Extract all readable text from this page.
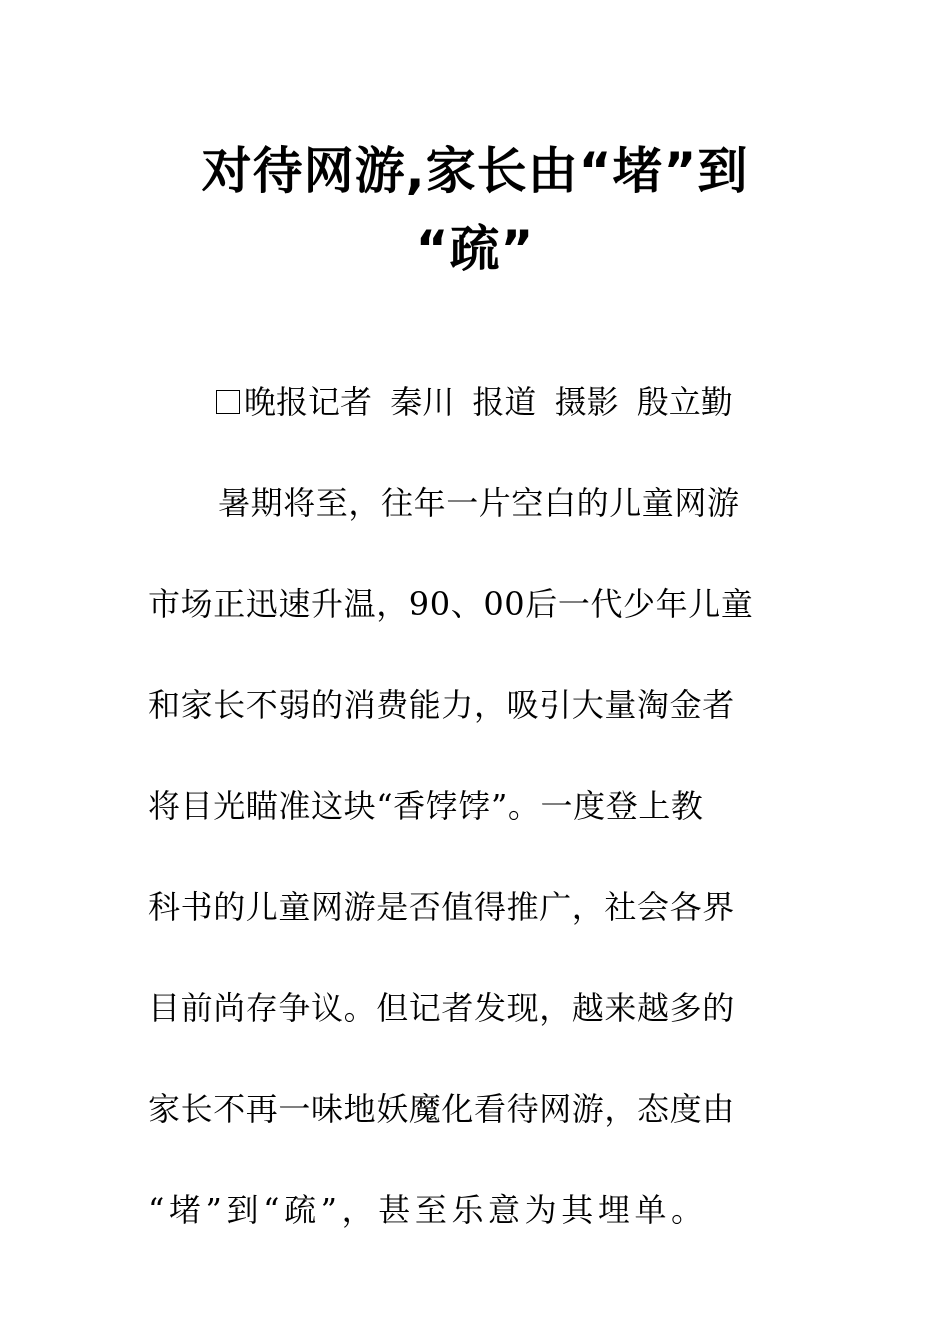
对待网游,家长由“堵”到
“疏”

晚报记者 秦川 报道 摄影 殷立勤

暑期将至，往年一片空白的儿童网游
市场正迅速升温，90、00后一代少年儿童
和家长不弱的消费能力，吸引大量淘金者
将目光瞄准这块“香饽饽”。一度登上教
科书的儿童网游是否值得推广，社会各界
目前尚存争议。但记者发现，越来越多的
家长不再一味地妖魔化看待网游，态度由
“堵”到“疏”，甚至乐意为其埋单。
